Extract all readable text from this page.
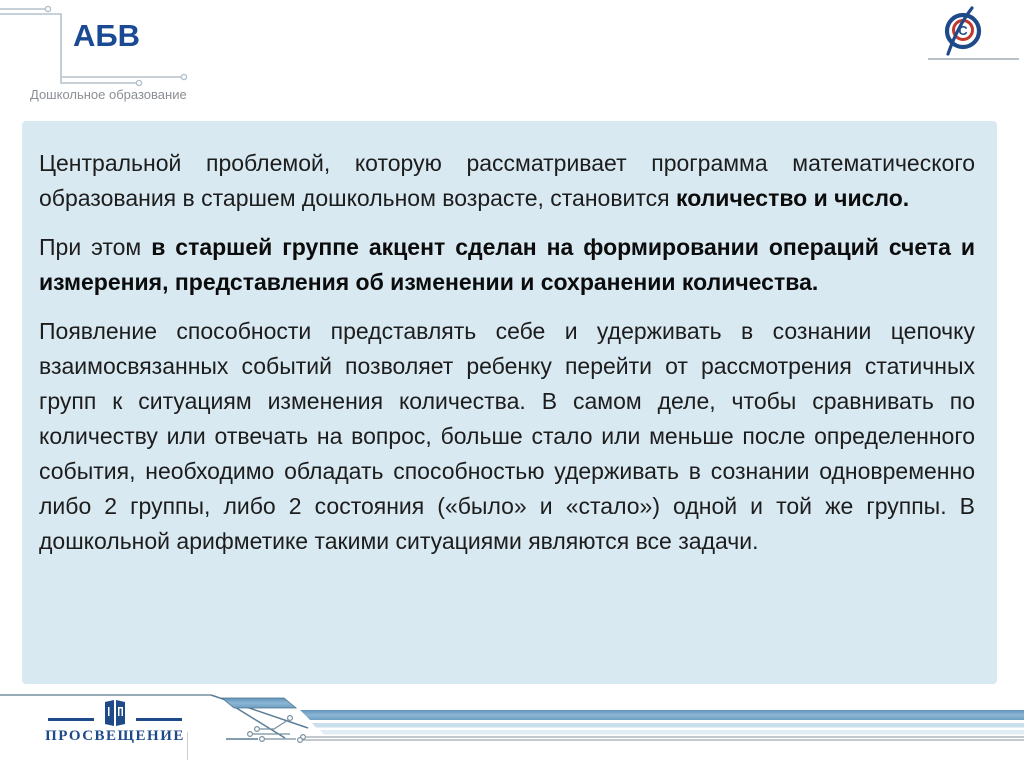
АБВ
Дошкольное образование
С

Центральной проблемой, которую рассматривает программа математического образования в старшем дошкольном возрасте, становится количество и число.

При этом в старшей группе акцент сделан на формировании операций счета и измерения, представления об изменении и сохранении количества.

Появление способности представлять себе и удерживать в сознании цепочку взаимосвязанных событий позволяет ребенку перейти от рассмотрения статичных групп к ситуациям изменения количества. В самом деле, чтобы сравнивать по количеству или отвечать на вопрос, больше стало или меньше после определенного события, необходимо обладать способностью удерживать в сознании одновременно либо 2 группы, либо 2 состояния («было» и «стало») одной и той же группы. В дошкольной арифметике такими ситуациями являются все задачи.

ПРОСВЕЩЕНИЕ
